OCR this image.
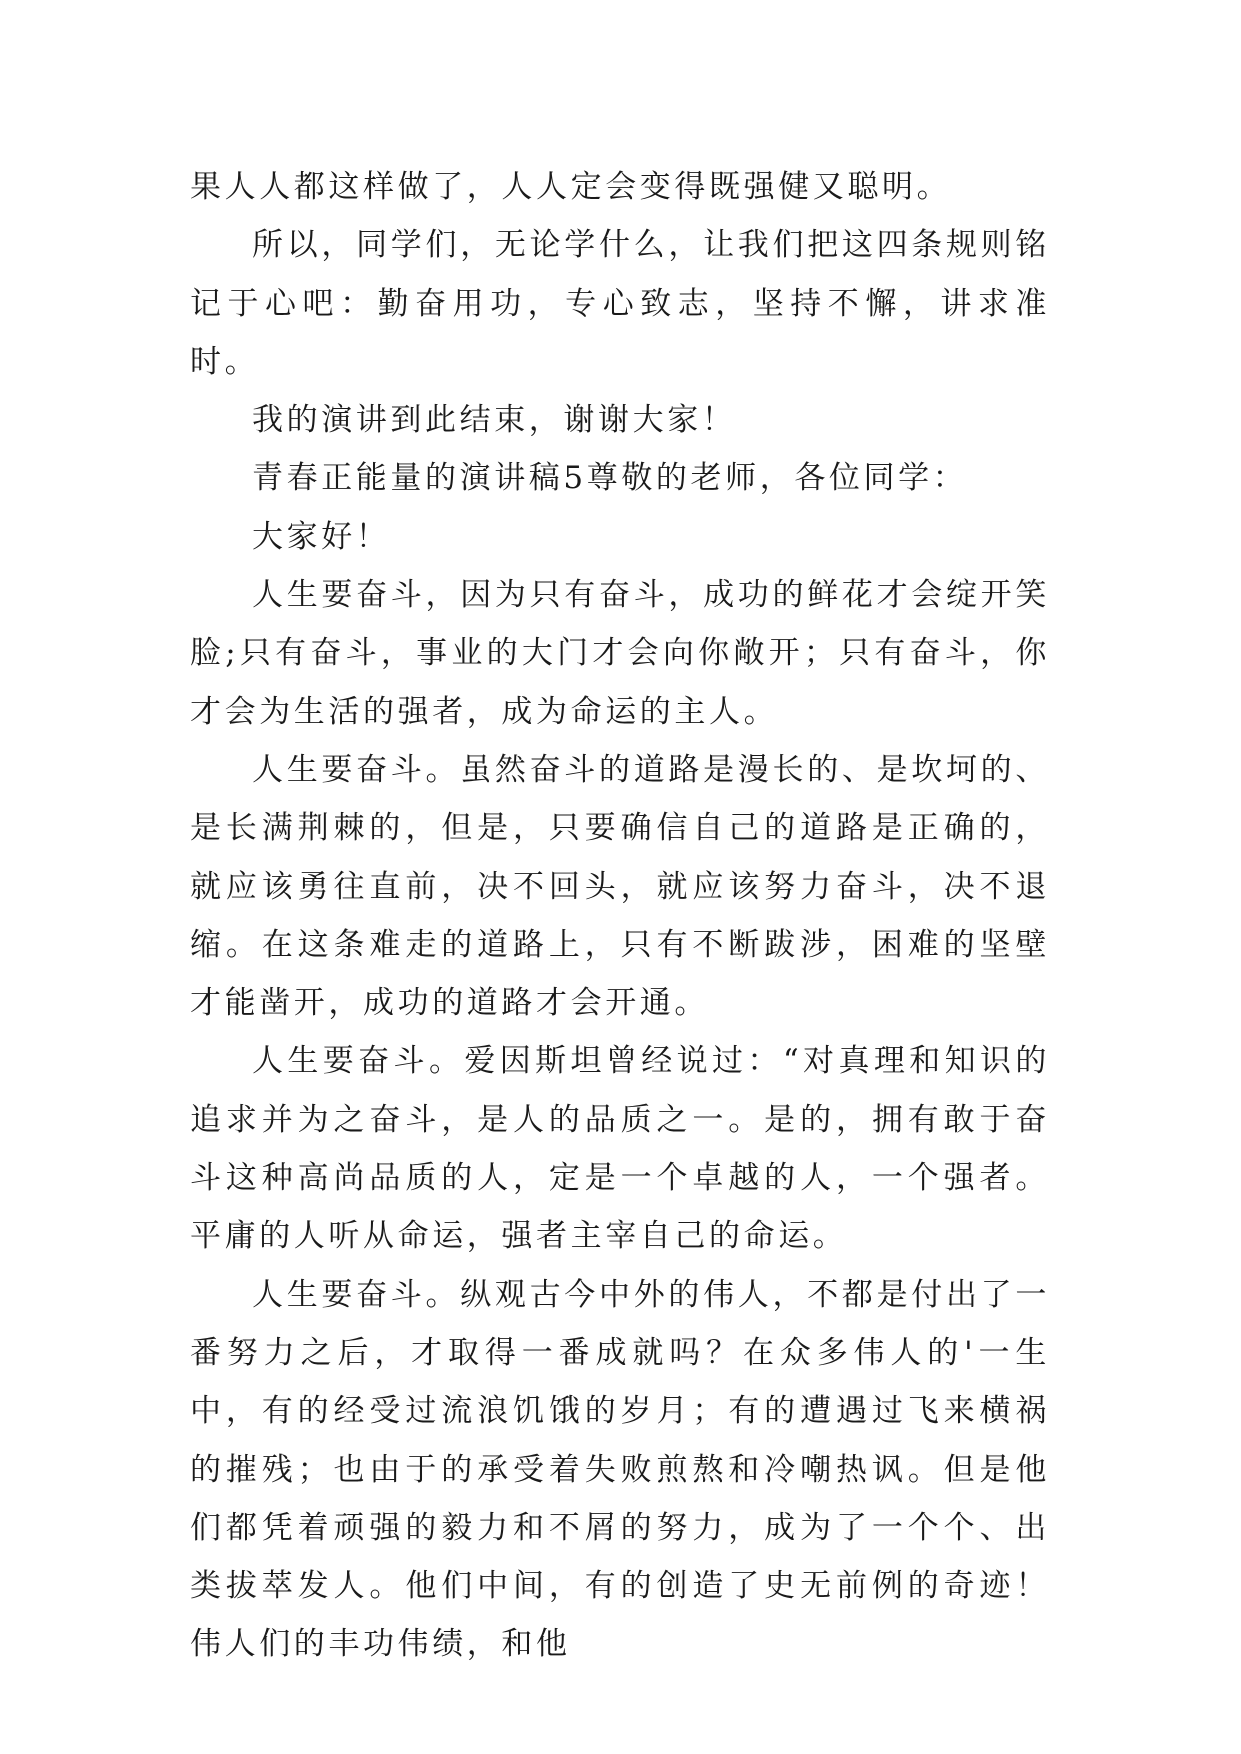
果人人都这样做了，人人定会变得既强健又聪明。

所以，同学们，无论学什么，让我们把这四条规则铭记于心吧：勤奋用功，专心致志，坚持不懈，讲求准时。

我的演讲到此结束，谢谢大家！

青春正能量的演讲稿5尊敬的老师，各位同学：

大家好！

人生要奋斗，因为只有奋斗，成功的鲜花才会绽开笑脸;只有奋斗，事业的大门才会向你敞开；只有奋斗，你才会为生活的强者，成为命运的主人。

人生要奋斗。虽然奋斗的道路是漫长的、是坎坷的、是长满荆棘的，但是，只要确信自己的道路是正确的，就应该勇往直前，决不回头，就应该努力奋斗，决不退缩。在这条难走的道路上，只有不断跋涉，困难的坚壁才能凿开，成功的道路才会开通。

人生要奋斗。爱因斯坦曾经说过：“对真理和知识的追求并为之奋斗，是人的品质之一。是的，拥有敢于奋斗这种高尚品质的人，定是一个卓越的人，一个强者。平庸的人听从命运，强者主宰自己的命运。

人生要奋斗。纵观古今中外的伟人，不都是付出了一番努力之后，才取得一番成就吗？在众多伟人的'一生中，有的经受过流浪饥饿的岁月；有的遭遇过飞来横祸的摧残；也由于的承受着失败煎熬和冷嘲热讽。但是他们都凭着顽强的毅力和不屑的努力，成为了一个个、出类拔萃发人。他们中间，有的创造了史无前例的奇迹！伟人们的丰功伟绩，和他
